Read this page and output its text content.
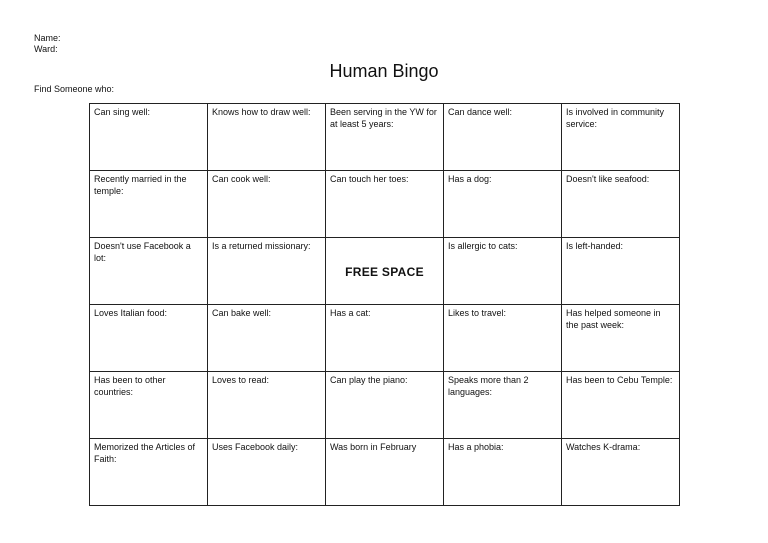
Name:
Ward:
Human Bingo
Find Someone who:
Can sing well:	Knows how to draw well:	Been serving in the YW for at least 5 years:	Can dance well:	Is involved in community service:
Recently married in the temple:	Can cook well:	Can touch her toes:	Has a dog:	Doesn't like seafood:
Doesn't use Facebook a lot:	Is a returned missionary:	FREE SPACE	Is allergic to cats:	Is left-handed:
Loves Italian food:	Can bake well:	Has a cat:	Likes to travel:	Has helped someone in the past week:
Has been to other countries:	Loves to read:	Can play the piano:	Speaks more than 2 languages:	Has been to Cebu Temple:
Memorized the Articles of Faith:	Uses Facebook daily:	Was born in February	Has a phobia:	Watches K-drama:
